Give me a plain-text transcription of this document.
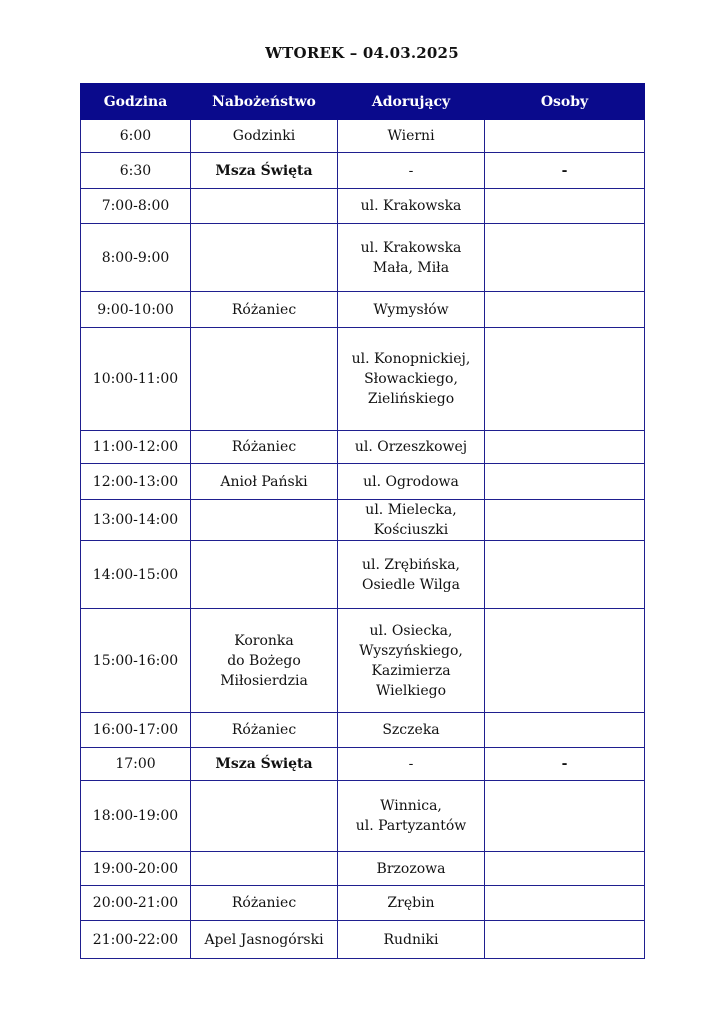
WTOREK – 04.03.2025
Godzina	Nabożeństwo	Adorujący	Osoby
6:00	Godzinki	Wierni	
6:30	Msza Święta	-	-
7:00-8:00		ul. Krakowska	
8:00-9:00		ul. Krakowska
Mała, Miła	
9:00-10:00	Różaniec	Wymysłów	
10:00-11:00		ul. Konopnickiej,
Słowackiego,
Zielińskiego	
11:00-12:00	Różaniec	ul. Orzeszkowej	
12:00-13:00	Anioł Pański	ul. Ogrodowa	
13:00-14:00		ul. Mielecka,
Kościuszki	
14:00-15:00		ul. Zrębińska,
Osiedle Wilga	
15:00-16:00	Koronka
do Bożego
Miłosierdzia	ul. Osiecka,
Wyszyńskiego,
Kazimierza
Wielkiego	
16:00-17:00	Różaniec	Szczeka	
17:00	Msza Święta	-	-
18:00-19:00		Winnica,
ul. Partyzantów	
19:00-20:00		Brzozowa	
20:00-21:00	Różaniec	Zrębin	
21:00-22:00	Apel Jasnogórski	Rudniki	
